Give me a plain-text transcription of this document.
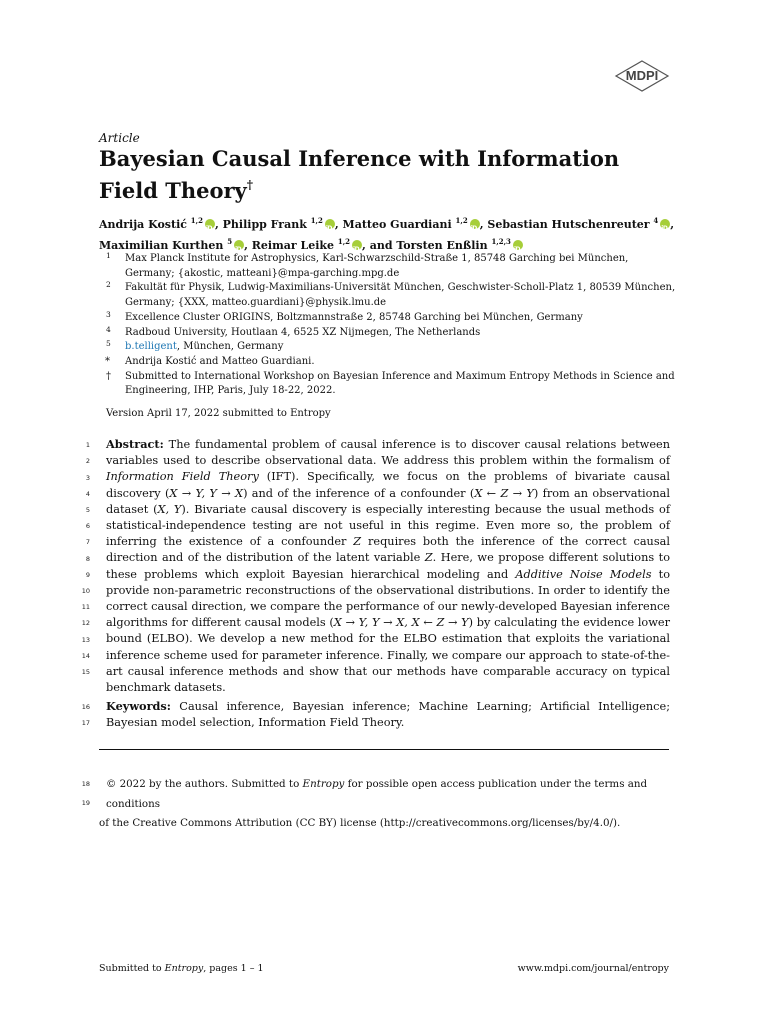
MDPI
Article
Bayesian Causal Inference with Information Field Theory†
Andrija Kostić $^{1,2}$ iD , Philipp Frank $^{1,2}$ iD , Matteo Guardiani $^{1,2}$ iD , Sebastian Hutschenreuter $^4$ iD ,
Maximilian Kurthen $^5$ iD , Reimar Leike $^{1,2}$ iD , and Torsten Enßlin $^{1,2,3}$iD
1 Max Planck Institute for Astrophysics, Karl-Schwarzschild-Straße 1, 85748 Garching bei München, Germany; {akostic, matteani}@mpa-garching.mpg.de
2 Fakultät für Physik, Ludwig-Maximilians-Universität München, Geschwister-Scholl-Platz 1, 80539 München, Germany; {XXX, matteo.guardiani}@physik.lmu.de
3 Excellence Cluster ORIGINS, Boltzmannstraße 2, 85748 Garching bei München, Germany
4 Radboud University, Houtlaan 4, 6525 XZ Nijmegen, The Netherlands
5 b.telligent, München, Germany
* Andrija Kostić and Matteo Guardiani.
† Submitted to International Workshop on Bayesian Inference and Maximum Entropy Methods in Science and Engineering, IHP, Paris, July 18-22, 2022.
Version April 17, 2022 submitted to Entropy
1
2
3
4
5
6
7
8
9
10
11
12
13
14
15
16
17
18
19
Abstract: The fundamental problem of causal inference is to discover causal relations between variables used to describe observational data. We address this problem within the formalism of Information Field Theory (IFT). Specifically, we focus on the problems of bivariate causal discovery (X → Y, Y → X) and of the inference of a confounder (X ← Z → Y) from an observational dataset (X, Y). Bivariate causal discovery is especially interesting because the usual methods of statistical-independence testing are not useful in this regime. Even more so, the problem of inferring the existence of a confounder Z requires both the inference of the correct causal direction and of the distribution of the latent variable Z. Here, we propose different solutions to these problems which exploit Bayesian hierarchical modeling and Additive Noise Models to provide non-parametric reconstructions of the observational distributions. In order to identify the correct causal direction, we compare the performance of our newly-developed Bayesian inference algorithms for different causal models (X → Y, Y → X, X ← Z → Y) by calculating the evidence lower bound (ELBO). We develop a new method for the ELBO estimation that exploits the variational inference scheme used for parameter inference. Finally, we compare our approach to state-of-the-art causal inference methods and show that our methods have comparable accuracy on typical benchmark datasets.
Keywords: Causal inference, Bayesian inference; Machine Learning; Artificial Intelligence; Bayesian model selection, Information Field Theory.
© 2022 by the authors. Submitted to Entropy for possible open access publication under the terms and conditions
of the Creative Commons Attribution (CC BY) license (http://creativecommons.org/licenses/by/4.0/).
Submitted to Entropy, pages 1 – 1	www.mdpi.com/journal/entropy
